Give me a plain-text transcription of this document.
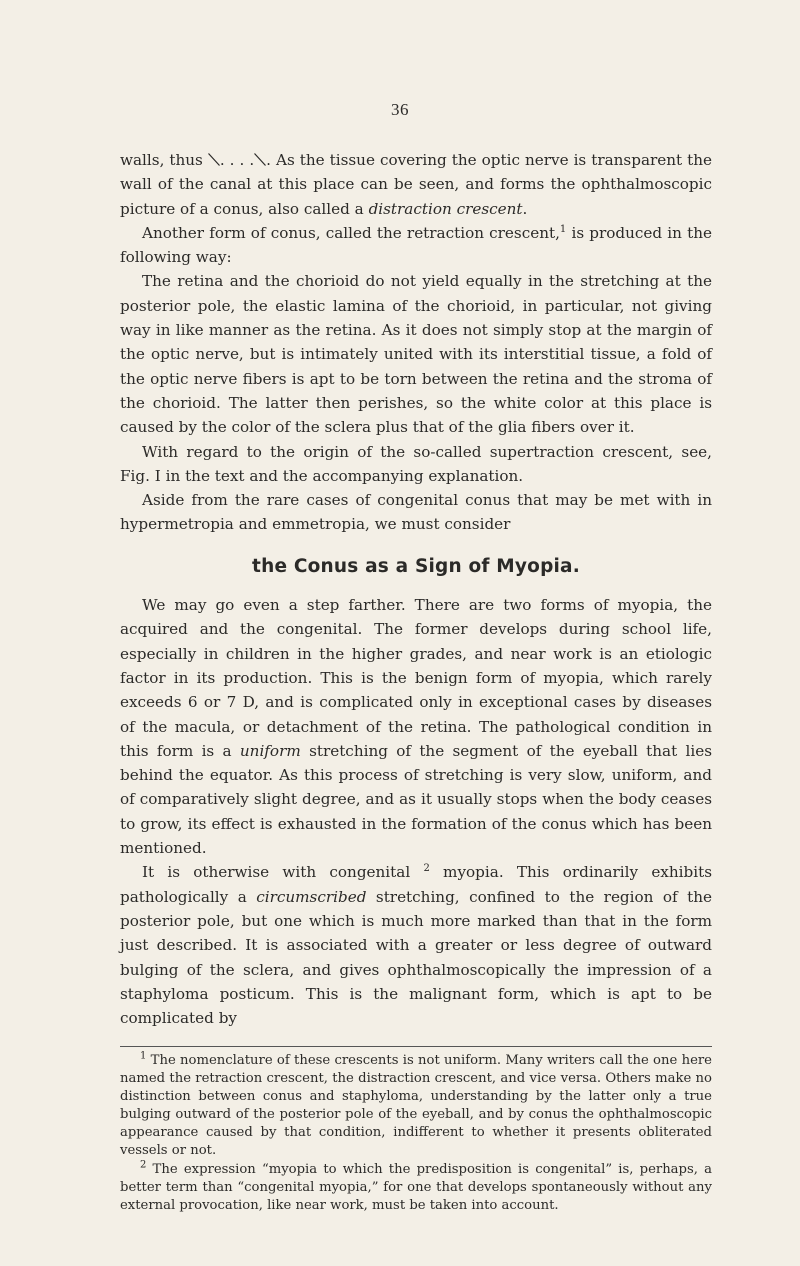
36

walls, thus . . . . . As the tissue covering the optic nerve is transparent the wall of the canal at this place can be seen, and forms the ophthalmoscopic picture of a conus, also called a distraction crescent.

Another form of conus, called the retraction crescent,$^1$ is produced in the following way:

The retina and the chorioid do not yield equally in the stretching at the posterior pole, the elastic lamina of the chorioid, in particular, not giving way in like manner as the retina. As it does not simply stop at the margin of the optic nerve, but is intimately united with its interstitial tissue, a fold of the optic nerve fibers is apt to be torn between the retina and the stroma of the chorioid. The latter then perishes, so the white color at this place is caused by the color of the sclera plus that of the glia fibers over it.

With regard to the origin of the so-called supertraction crescent, see, Fig. I in the text and the accompanying explanation.

Aside from the rare cases of congenital conus that may be met with in hypermetropia and emmetropia, we must consider

the Conus as a Sign of Myopia.

We may go even a step farther. There are two forms of myopia, the acquired and the congenital. The former develops during school life, especially in children in the higher grades, and near work is an etiologic factor in its production. This is the benign form of myopia, which rarely exceeds 6 or 7 D, and is complicated only in exceptional cases by diseases of the macula, or detachment of the retina. The pathological condition in this form is a uniform stretching of the segment of the eyeball that lies behind the equator. As this process of stretching is very slow, uniform, and of comparatively slight degree, and as it usually stops when the body ceases to grow, its effect is exhausted in the formation of the conus which has been mentioned.

It is otherwise with congenital $^2$ myopia. This ordinarily exhibits pathologically a circumscribed stretching, confined to the region of the posterior pole, but one which is much more marked than that in the form just described. It is associated with a greater or less degree of outward bulging of the sclera, and gives ophthalmoscopically the impression of a staphyloma posticum. This is the malignant form, which is apt to be complicated by

$^1$ The nomenclature of these crescents is not uniform. Many writers call the one here named the retraction crescent, the distraction crescent, and vice versa. Others make no distinction between conus and staphyloma, understanding by the latter only a true bulging outward of the posterior pole of the eyeball, and by conus the ophthalmoscopic appearance caused by that condition, indifferent to whether it presents obliterated vessels or not.

$^2$ The expression “myopia to which the predisposition is congenital” is, perhaps, a better term than “congenital myopia,” for one that develops spontaneously without any external provocation, like near work, must be taken into account.
